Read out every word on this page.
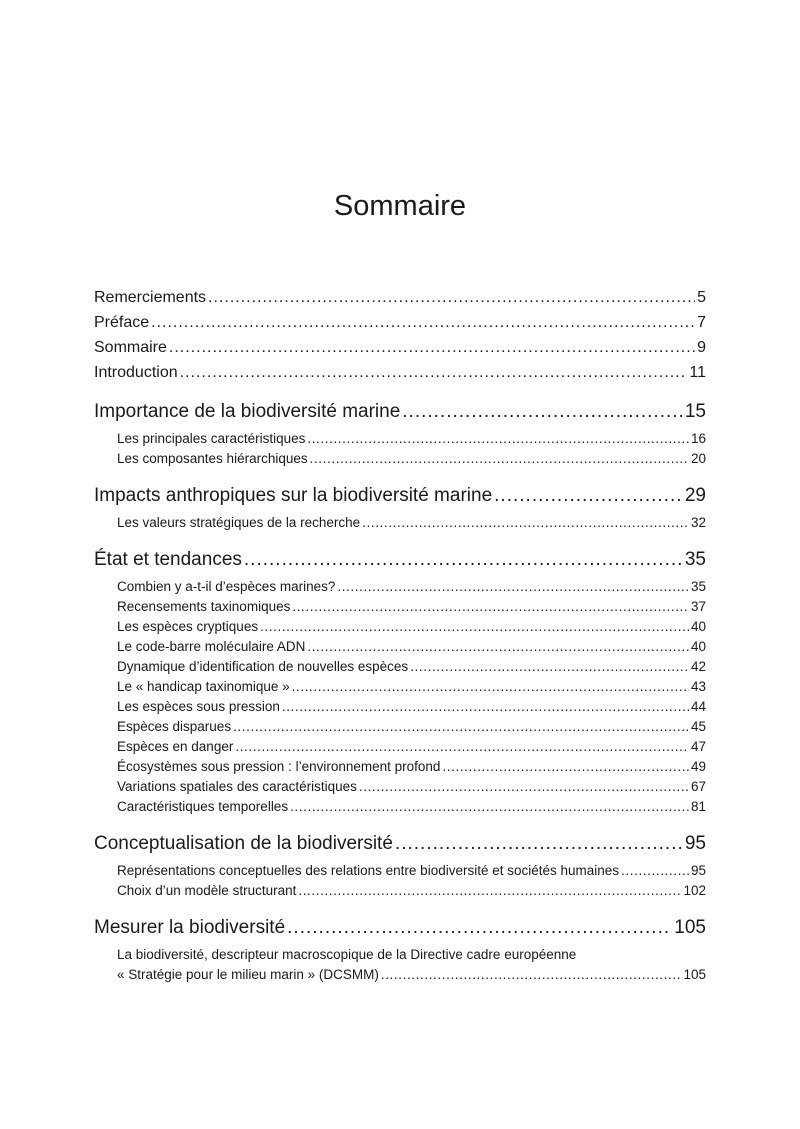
Sommaire
Remerciements .....	5
Préface .....	7
Sommaire .....	9
Introduction .....	11
Importance de la biodiversité marine .....	15
Les principales caractéristiques .....	16
Les composantes hiérarchiques .....	20
Impacts anthropiques sur la biodiversité marine .....	29
Les valeurs stratégiques de la recherche .....	32
État et tendances .....	35
Combien y a-t-il d’espèces marines? .....	35
Recensements taxinomiques .....	37
Les espèces cryptiques .....	40
Le code-barre moléculaire ADN .....	40
Dynamique d’identification de nouvelles espèces .....	42
Le « handicap taxinomique » .....	43
Les espèces sous pression .....	44
Espèces disparues .....	45
Espèces en danger .....	47
Écosystèmes sous pression : l’environnement profond .....	49
Variations spatiales des caractéristiques .....	67
Caractéristiques temporelles .....	81
Conceptualisation de la biodiversité .....	95
Représentations conceptuelles des relations entre biodiversité et sociétés humaines .....	95
Choix d’un modèle structurant .....	102
Mesurer la biodiversité .....	105
La biodiversité, descripteur macroscopique de la Directive cadre européenne
« Stratégie pour le milieu marin » (DCSMM) .....	105
